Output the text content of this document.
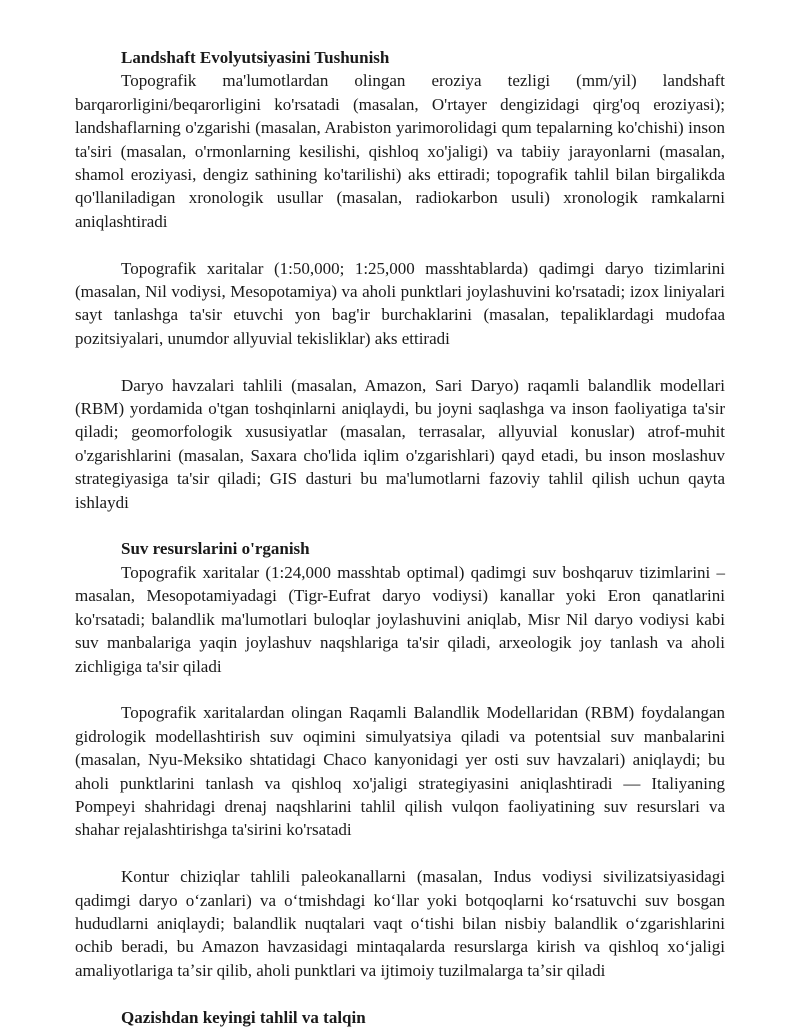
Landshaft Evolyutsiyasini Tushunish

Topografik ma'lumotlardan olingan eroziya tezligi (mm/yil) landshaft barqarorligini/beqarorligini ko'rsatadi (masalan, O'rtayer dengizidagi qirg'oq eroziyasi); landshaflarning o'zgarishi (masalan, Arabiston yarimorolidagi qum tepalarning ko'chishi) inson ta'siri (masalan, o'rmonlarning kesilishi, qishloq xo'jaligi) va tabiiy jarayonlarni (masalan, shamol eroziyasi, dengiz sathining ko'tarilishi) aks ettiradi; topografik tahlil bilan birgalikda qo'llaniladigan xronologik usullar (masalan, radiokarbon usuli) xronologik ramkalarni aniqlashtiradi

Topografik xaritalar (1:50,000; 1:25,000 masshtablarda) qadimgi daryo tizimlarini (masalan, Nil vodiysi, Mesopotamiya) va aholi punktlari joylashuvini ko'rsatadi; izox liniyalari sayt tanlashga ta'sir etuvchi yon bag'ir burchaklarini (masalan, tepaliklardagi mudofaa pozitsiyalari, unumdor allyuvial tekisliklar) aks ettiradi

Daryo havzalari tahlili (masalan, Amazon, Sari Daryo) raqamli balandlik modellari (RBM) yordamida o'tgan toshqinlarni aniqlaydi, bu joyni saqlashga va inson faoliyatiga ta'sir qiladi; geomorfologik xususiyatlar (masalan, terrasalar, allyuvial konuslar) atrof-muhit o'zgarishlarini (masalan, Saxara cho'lida iqlim o'zgarishlari) qayd etadi, bu inson moslashuv strategiyasiga ta'sir qiladi; GIS dasturi bu ma'lumotlarni fazoviy tahlil qilish uchun qayta ishlaydi

Suv resurslarini o'rganish

Topografik xaritalar (1:24,000 masshtab optimal) qadimgi suv boshqaruv tizimlarini – masalan, Mesopotamiyadagi (Tigr-Eufrat daryo vodiysi) kanallar yoki Eron qanatlarini ko'rsatadi; balandlik ma'lumotlari buloqlar joylashuvini aniqlab, Misr Nil daryo vodiysi kabi suv manbalariga yaqin joylashuv naqshlariga ta'sir qiladi, arxeologik joy tanlash va aholi zichligiga ta'sir qiladi

Topografik xaritalardan olingan Raqamli Balandlik Modellaridan (RBM) foydalangan gidrologik modellashtirish suv oqimini simulyatsiya qiladi va potentsial suv manbalarini (masalan, Nyu-Meksiko shtatidagi Chaco kanyonidagi yer osti suv havzalari) aniqlaydi; bu aholi punktlarini tanlash va qishloq xo'jaligi strategiyasini aniqlashtiradi — Italiyaning Pompeyi shahridagi drenaj naqshlarini tahlil qilish vulqon faoliyatining suv resurslari va shahar rejalashtirishga ta'sirini ko'rsatadi

Kontur chiziqlar tahlili paleokanallarni (masalan, Indus vodiysi sivilizatsiyasidagi qadimgi daryo oʻzanlari) va oʻtmishdagi koʻllar yoki botqoqlarni koʻrsatuvchi suv bosgan hududlarni aniqlaydi; balandlik nuqtalari vaqt oʻtishi bilan nisbiy balandlik oʻzgarishlarini ochib beradi, bu Amazon havzasidagi mintaqalarda resurslarga kirish va qishloq xoʻjaligi amaliyotlariga taʼsir qilib, aholi punktlari va ijtimoiy tuzilmalarga taʼsir qiladi

Qazishdan keyingi tahlil va talqin
